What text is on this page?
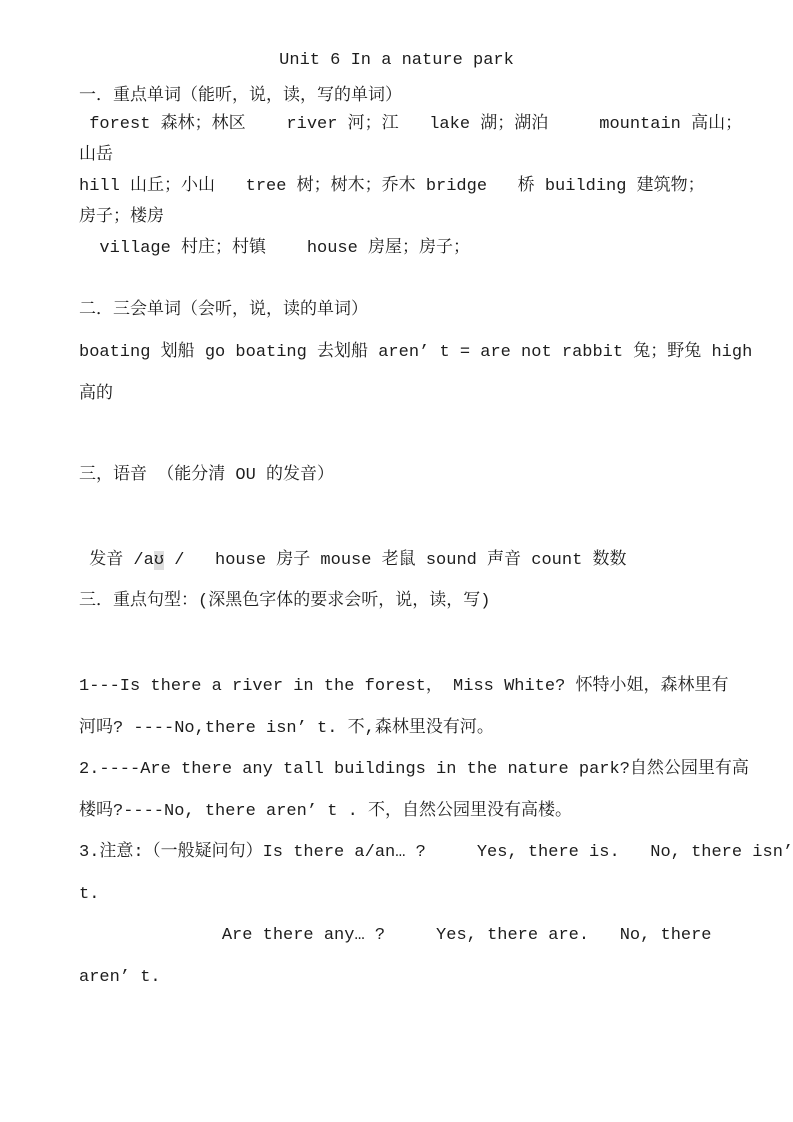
Unit 6 In a nature park
一．重点单词（能听，说，读，写的单词）
forest 森林；林区    river 河；江   lake 湖；湖泊     mountain 高山；
山岳
hill 山丘；小山   tree 树；树木；乔木 bridge   桥 building 建筑物；
房子；楼房
village 村庄；村镇    house 房屋；房子；
二．三会单词（会听，说，读的单词）
boating 划船 go boating 去划船 aren’ t = are not rabbit 兔；野兔 high
高的
三，语音 （能分清 OU 的发音）
发音 /aʊ /   house 房子 mouse 老鼠 sound 声音 count 数数
三．重点句型：(深黑色字体的要求会听，说，读，写)
1---Is there a river in the forest， Miss White? 怀特小姐，森林里有
河吗? ----No,there isn’ t. 不,森林里没有河。
2.----Are there any tall buildings in the nature park?自然公园里有高
楼吗?----No, there aren’ t . 不，自然公园里没有高楼。
3.注意:（一般疑问句）Is there a/an… ?     Yes, there is.   No, there isn’
t.
Are there any… ?     Yes, there are.   No, there
aren’ t.
